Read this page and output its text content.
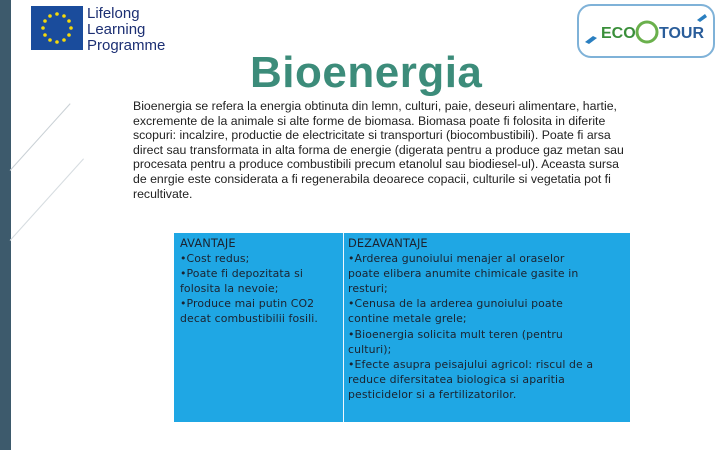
Lifelong
Learning
Programme
ECO TOUR
Bioenergia
Bioenergia se refera la energia obtinuta din lemn, culturi, paie, deseuri alimentare, hartie,
excremente de la animale si alte forme de biomasa. Biomasa poate fi folosita in diferite
scopuri: incalzire, productie de electricitate si transporturi (biocombustibili). Poate fi arsa
direct sau transformata in alta forma de energie (digerata pentru a produce gaz metan sau
procesata pentru a produce combustibili precum etanolul sau biodiesel-ul). Aceasta sursa
de enrgie este considerata a fi regenerabila deoarece copacii, culturile si vegetatia pot fi
recultivate.
AVANTAJE
•Cost redus;
•Poate fi depozitata si
folosita la nevoie;
•Produce mai putin CO2
decat combustibilii fosili.
DEZAVANTAJE
•Arderea gunoiului menajer al oraselor
poate elibera anumite chimicale gasite in
resturi;
•Cenusa de la arderea gunoiului poate
contine metale grele;
•Bioenergia solicita mult teren (pentru
culturi);
•Efecte asupra peisajului agricol: riscul de a
reduce difersitatea biologica si aparitia
pesticidelor si a fertilizatorilor.
